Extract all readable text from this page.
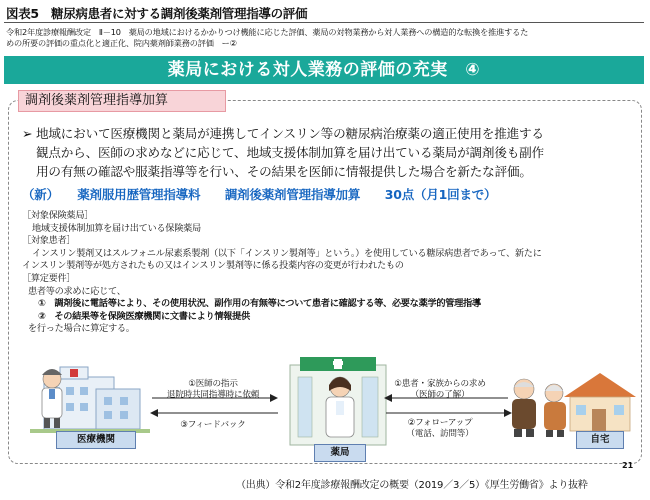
図表5　糖尿病患者に対する調剤後薬剤管理指導の評価
令和2年度診療報酬改定　Ⅱ－10　薬局の地域におけるかかりつけ機能に応じた評価、薬局の対物業務から対人業務への構造的な転換を推進するた
めの所要の評価の重点化と適正化、院内薬剤師業務の評価　ー②
薬局における対人業務の評価の充実　④
調剤後薬剤管理指導加算
➢ 地域において医療機関と薬局が連携してインスリン等の糖尿病治療薬の適正使用を推進する
観点から、医師の求めなどに応じて、地域支援体制加算を届け出ている薬局が調剤後も副作
用の有無の確認や服薬指導等を行い、その結果を医師に情報提供した場合を新たな評価。
（新）　　薬剤服用歴管理指導料　　調剤後薬剤管理指導加算　　30点（月1回まで）
［対象保険薬局］
地域支援体制加算を届け出ている保険薬局
［対象患者］
インスリン製剤又はスルフォニル尿素系製剤（以下「インスリン製剤等」という。）を使用している糖尿病患者であって、新たに
インスリン製剤等が処方されたもの又はインスリン製剤等に係る投薬内容の変更が行われたもの
［算定要件］
患者等の求めに応じて、
①　調剤後に電話等により、その使用状況、副作用の有無等について患者に確認する等、必要な薬学的管理指導
②　その結果等を保険医療機関に文書により情報提供
を行った場合に算定する。
①医師の指示
退院時共同指導時に依頼
③フィードバック
①患者・家族からの求め
（医師の了解）
②フォローアップ
（電話、訪問等）
医療機関
薬局
自宅
21
（出典）令和2年度診療報酬改定の概要（2019／3／5）《厚生労働省》より抜粋
